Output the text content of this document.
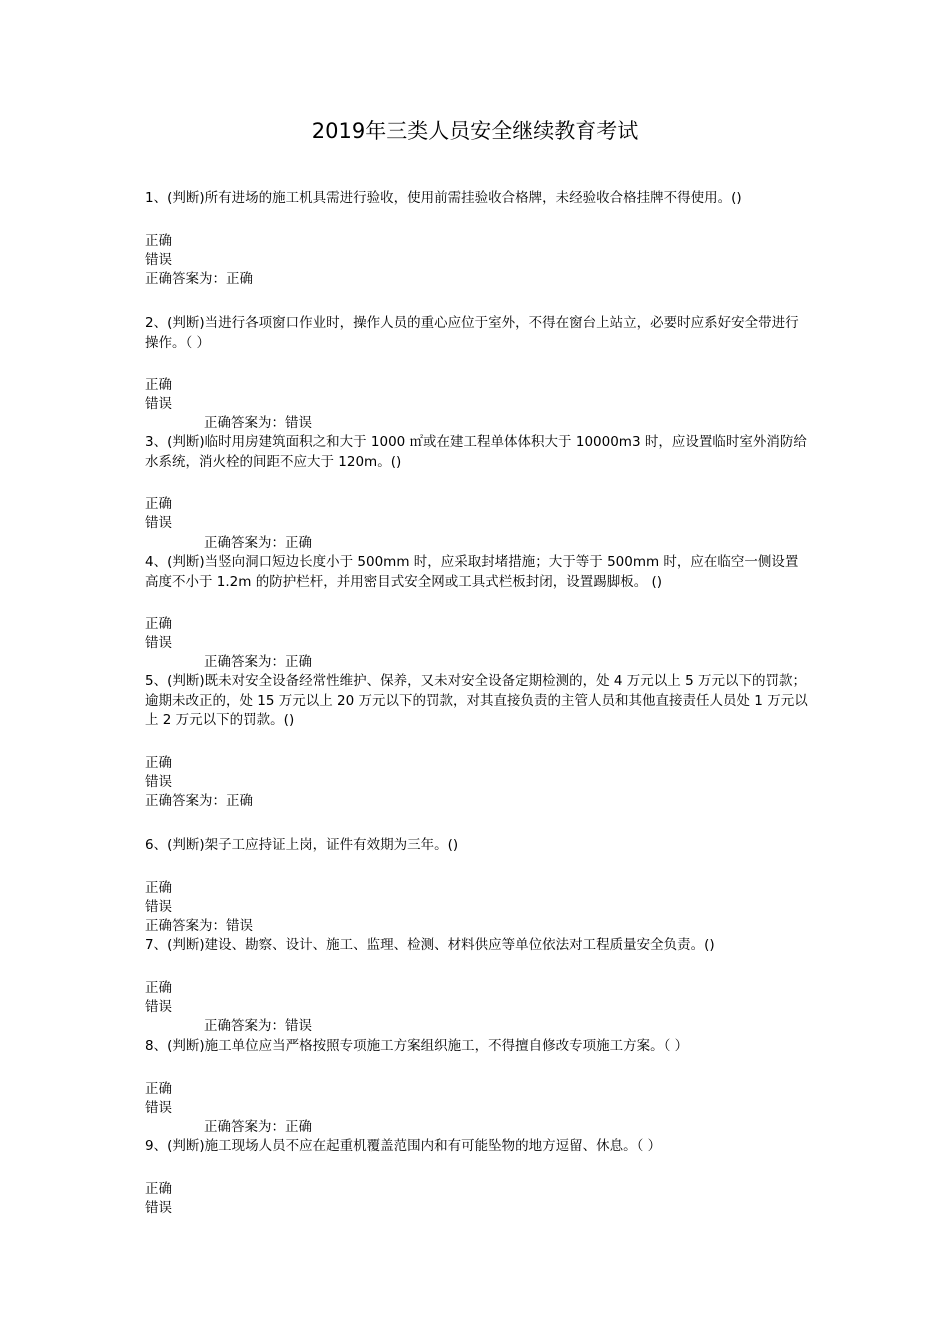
2019年三类人员安全继续教育考试
1、(判断)所有进场的施工机具需进行验收，使用前需挂验收合格牌，未经验收合格挂牌不得使用。()
正确
错误
正确答案为：正确
2、(判断)当进行各项窗口作业时，操作人员的重心应位于室外，不得在窗台上站立，必要时应系好安全带进行操作。（ ）
正确
错误
正确答案为：错误
3、(判断)临时用房建筑面积之和大于 1000 ㎡或在建工程单体体积大于 10000m3 时，应设置临时室外消防给水系统，消火栓的间距不应大于 120m。()
正确
错误
正确答案为：正确
4、(判断)当竖向洞口短边长度小于 500mm 时，应采取封堵措施；大于等于 500mm 时，应在临空一侧设置高度不小于 1.2m 的防护栏杆，并用密目式安全网或工具式栏板封闭，设置踢脚板。 ()
正确
错误
正确答案为：正确
5、(判断)既未对安全设备经常性维护、保养，又未对安全设备定期检测的，处 4 万元以上 5 万元以下的罚款；逾期未改正的，处 15 万元以上 20 万元以下的罚款，对其直接负责的主管人员和其他直接责任人员处 1 万元以上 2 万元以下的罚款。()
正确
错误
正确答案为：正确
6、(判断)架子工应持证上岗，证件有效期为三年。()
正确
错误
正确答案为：错误
7、(判断)建设、勘察、设计、施工、监理、检测、材料供应等单位依法对工程质量安全负责。()
正确
错误
正确答案为：错误
8、(判断)施工单位应当严格按照专项施工方案组织施工，不得擅自修改专项施工方案。（ ）
正确
错误
正确答案为：正确
9、(判断)施工现场人员不应在起重机覆盖范围内和有可能坠物的地方逗留、休息。（ ）
正确
错误
